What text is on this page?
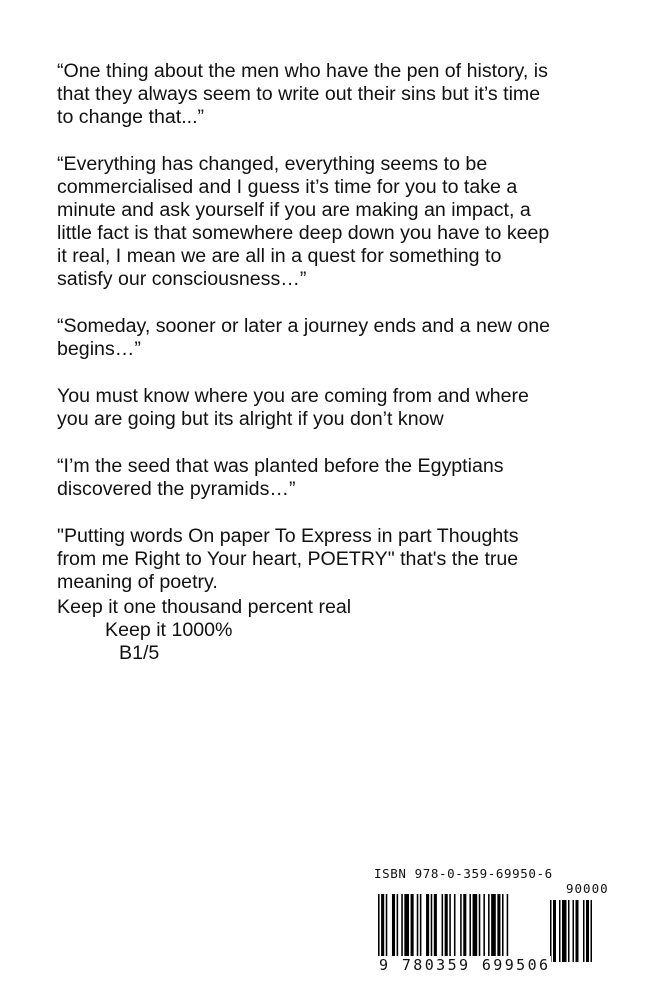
“One thing about the men who have the pen of history, is
that they always seem to write out their sins but it’s time
to change that...”

“Everything has changed, everything seems to be
commercialised and I guess it’s time for you to take a
minute and ask yourself if you are making an impact, a
little fact is that somewhere deep down you have to keep
it real, I mean we are all in a quest for something to
satisfy our consciousness…”

“Someday, sooner or later a journey ends and a new one
begins…”

You must know where you are coming from and where
you are going but its alright if you don’t know

“I’m the seed that was planted before the Egyptians
discovered the pyramids…”

"Putting words On paper To Express in part Thoughts
from me Right to Your heart, POETRY" that's the true
meaning of poetry.

Keep it one thousand percent real
Keep it 1000%
B1/5
ISBN 978-0-359-69950-6
90000
9 780359 699506
